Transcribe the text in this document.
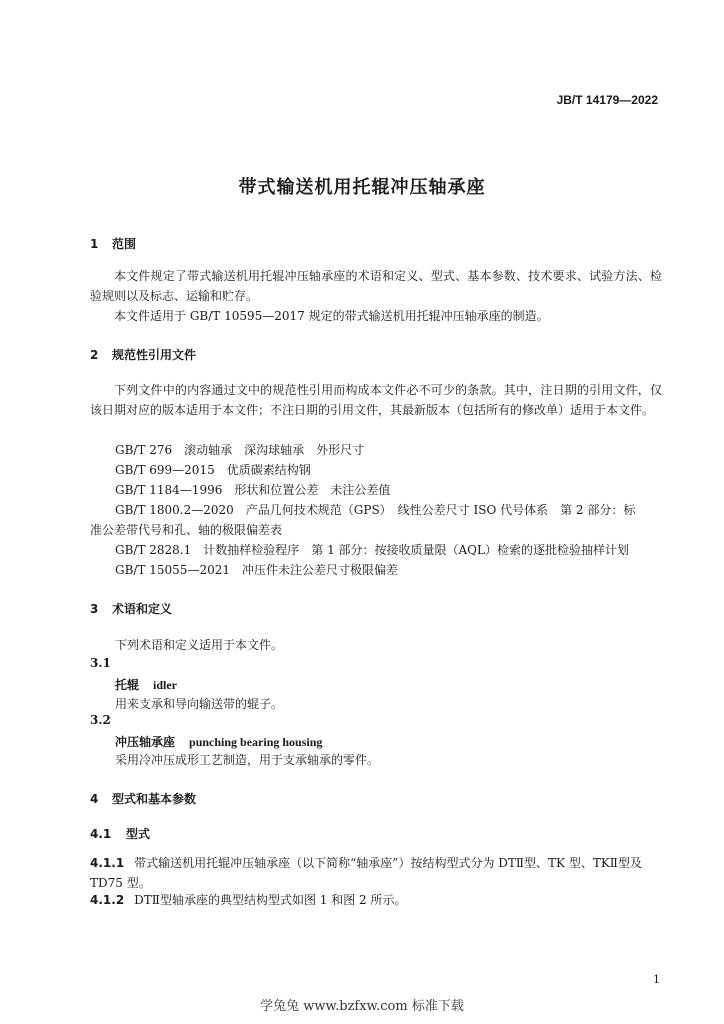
JB/T 14179—2022
带式输送机用托辊冲压轴承座
1 范围
本文件规定了带式输送机用托辊冲压轴承座的术语和定义、型式、基本参数、技术要求、试验方法、检验规则以及标志、运输和贮存。
本文件适用于 GB/T 10595—2017 规定的带式输送机用托辊冲压轴承座的制造。
2 规范性引用文件
下列文件中的内容通过文中的规范性引用而构成本文件必不可少的条款。其中，注日期的引用文件，仅该日期对应的版本适用于本文件；不注日期的引用文件，其最新版本（包括所有的修改单）适用于本文件。
GB/T 276　滚动轴承　深沟球轴承　外形尺寸
GB/T 699—2015　优质碳素结构钢
GB/T 1184—1996　形状和位置公差　未注公差值
GB/T 1800.2—2020　产品几何技术规范（GPS）　线性公差尺寸 ISO 代号体系　第 2 部分：标准公差带代号和孔、轴的极限偏差表
GB/T 2828.1　计数抽样检验程序　第 1 部分：按接收质量限（AQL）检索的逐批检验抽样计划
GB/T 15055—2021　冲压件未注公差尺寸极限偏差
3 术语和定义
下列术语和定义适用于本文件。
3.1
托辊 idler
用来支承和导向输送带的辊子。
3.2
冲压轴承座 punching bearing housing
采用冷冲压成形工艺制造，用于支承轴承的零件。
4 型式和基本参数
4.1 型式
4.1.1 带式输送机用托辊冲压轴承座（以下简称“轴承座”）按结构型式分为 DTⅡ型、TK 型、TKⅡ型及 TD75 型。
4.1.2 DTⅡ型轴承座的典型结构型式如图 1 和图 2 所示。
1
学兔兔 www.bzfxw.com 标准下载
